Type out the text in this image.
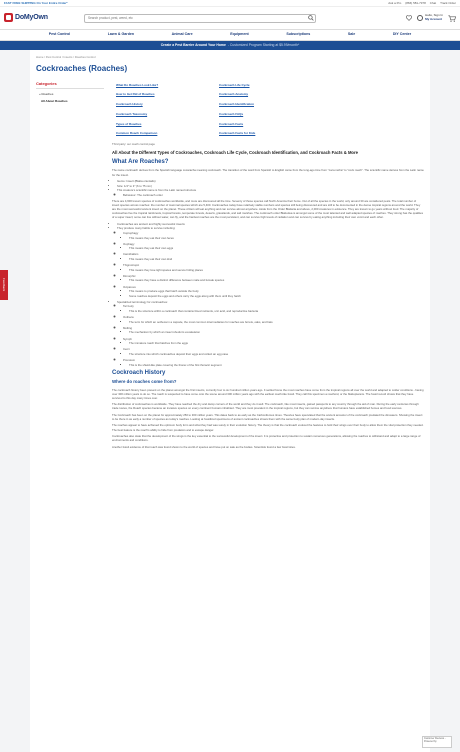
FAST FREE SHIPPING On Your Entire Order*	Ask a Pro (866) 581-7378 Chat Track Order
DoMyOwn
Search product, pest, weed, etc	Hello, Sign In
My Account
Pest Control	Lawn & Garden	Animal Care	Equipment	Subscriptions	Sale	DIY Center
Create a Pest Barrier Around Your Home - Customized Program Starting at $5.99/month*
Home / Pest Control / Insects / Roaches Control
Cockroaches (Roaches)
Categories
« Roaches
All About Roaches
What Do Roaches Look Like?	Cockroach Life Cycle
How to Get Rid of Roaches	Cockroach Anatomy
Cockroach History	Cockroach Identification
Cockroach Taxonomy	Cockroach FAQs
Types of Roaches	Cockroach Facts
Common Roach Comparison	Cockroach Facts for Kids
Third party: our roach control page
All About the Different Types of Cockroaches, Cockroach Life Cycle, Cockroach Identification, and Cockroach Facts & More
What Are Roaches?

The name cockroach derives from the Spanish language cucaracha meaning cockroach. The transition of the word from Spanish to English came from the long-ago time from "cuca racha" to "cock roach". The scientific name derives from the Latin name for the insect.

• Genre: Insect (Blatta orientalis)
• Size: 1/4" to 3" (6 to 75 mm)
• This creature's scientific name is from the Latin named structure
◦ Behaviour: The cockroach order

There are 4,600 known species of cockroaches worldwide, and more are discovered all the time. Seventy of those species call North America their home. Out of all the species in the world, only around 30 are considered pests. The total number of insect species across roaches: the number of mammal species which are 5,400. Cockroaches today have relatively stable numbers and species still being discovered and are still to be documented in the dense tropical regions around the world. They are the most successful ancient insect on the planet. These critters will eat anything and can survive almost anywhere. Aside from the Order Blattaria and above, 2,000 creatures in existence. They are known to go years without food. The majority of cockroaches live the tropical rainforests, tropical forests, temperate forests, deserts, grasslands, and salt marshes. The cockroach order Blattodea is amongst some of the most talented and well adapted species of roaches. They strong has the qualities of a super insect; some can live without water, can fly, and the hardest roaches are the most persistent, and can survive high levels of radiation and can survive by eating anything including their own vomit and each other.

• Cockroaches are ancient and highly successful insects
• They produce many habits to survive including:
◦ Coprophagy
▪ This means they eat their own feces
◦ Oophagy
▪ This means they eat their own eggs
◦ Cannibalism
▪ This means they eat their own kind
◦ Thigmotropic
▪ This means they love tight spaces and secure hiding places
◦ Dimorphic
▪ This means they have a distinct difference between male and female species
◦ Oviparous
▪ This means to produce eggs that hatch outside the body
▪ Some roaches deposit the eggs and others carry the eggs along with them until they hatch
• Specialized terminology for cockroaches:
◦ Tar body
▪ This is the structure within a cockroach that contains blood nutrients, uric acid, and reproductive bacteria
◦ Ootheca
▪ The term for which an ootheca in a capsule, the most common intermediaries for roaches are ferrets, oaks, and bats
◦ Molting
▪ The mechanism by which an insect sheds its exoskeleton
◦ Nymph
▪ The immature roach that hatches from the eggs
◦ Cerci
▪ The structure into which cockroaches deposit their eggs and collect an egg case
◦ Pronotum
▪ This is the shield-like plate covering the thorax of the first thoracic segment
Cockroach History
Where do roaches come from?

The cockroach history been present on the planet amongst the first insects, currently four to six hundred million years ago. It settled home the most roaches have come from the tropical regions all over the world and adapted to colder conditions - having over 300 million years to do so. The roach is suspected to have come onto the scene around 300 million years ago with the earliest roach-like fossil. They call this specimen a roachoid, or the blattopterans. The fossil record shows that they have survived to this day many times over.

The distribution of cockroaches is worldwide. They have reached the dry and damp corners of the world and they do it well. The cockroach, like most insects, gained passports to any country through the aid of man. During the early centuries through trade routes, the Roach species became an invasive species on every continent humans inhabited. They are most prevalent in the tropical regions, but they can survive anywhere that humans have established homes and food sources.

The Cockroach has been on the planet for approximately 250 to 300 million years. This dates back to as early as the Carboniferous times. Theories have speculated that the ancient ancestor of the cockroach predated the dinosaurs. Showing the insect to be there in as early a number of species as today's roaches. Looking at fossilized specimens of ancient cockroaches shows them with the same body plan of modern-day insects.

The roaches appear to have achieved the optimum body form and what they had was surely in their evolution history. The theory is that the cockroach evolved the features to hold their wings over their body to allow them the vital protection they needed. The best feature is the roach's ability to hide from predators and to escape danger.

Cockroaches also state that the development of the wings is the key essential to the successful development of the insect. It is protective and protection to sustain numerous generations, allowing the roaches to withstand and adapt to a large range of environments and conditions.

Another fossil evidence of that roach was found shown to the world of species and have put on sale as the bodies. Scientists found a few fossil sites.

Feedback
Customer Reviews - Powered by
